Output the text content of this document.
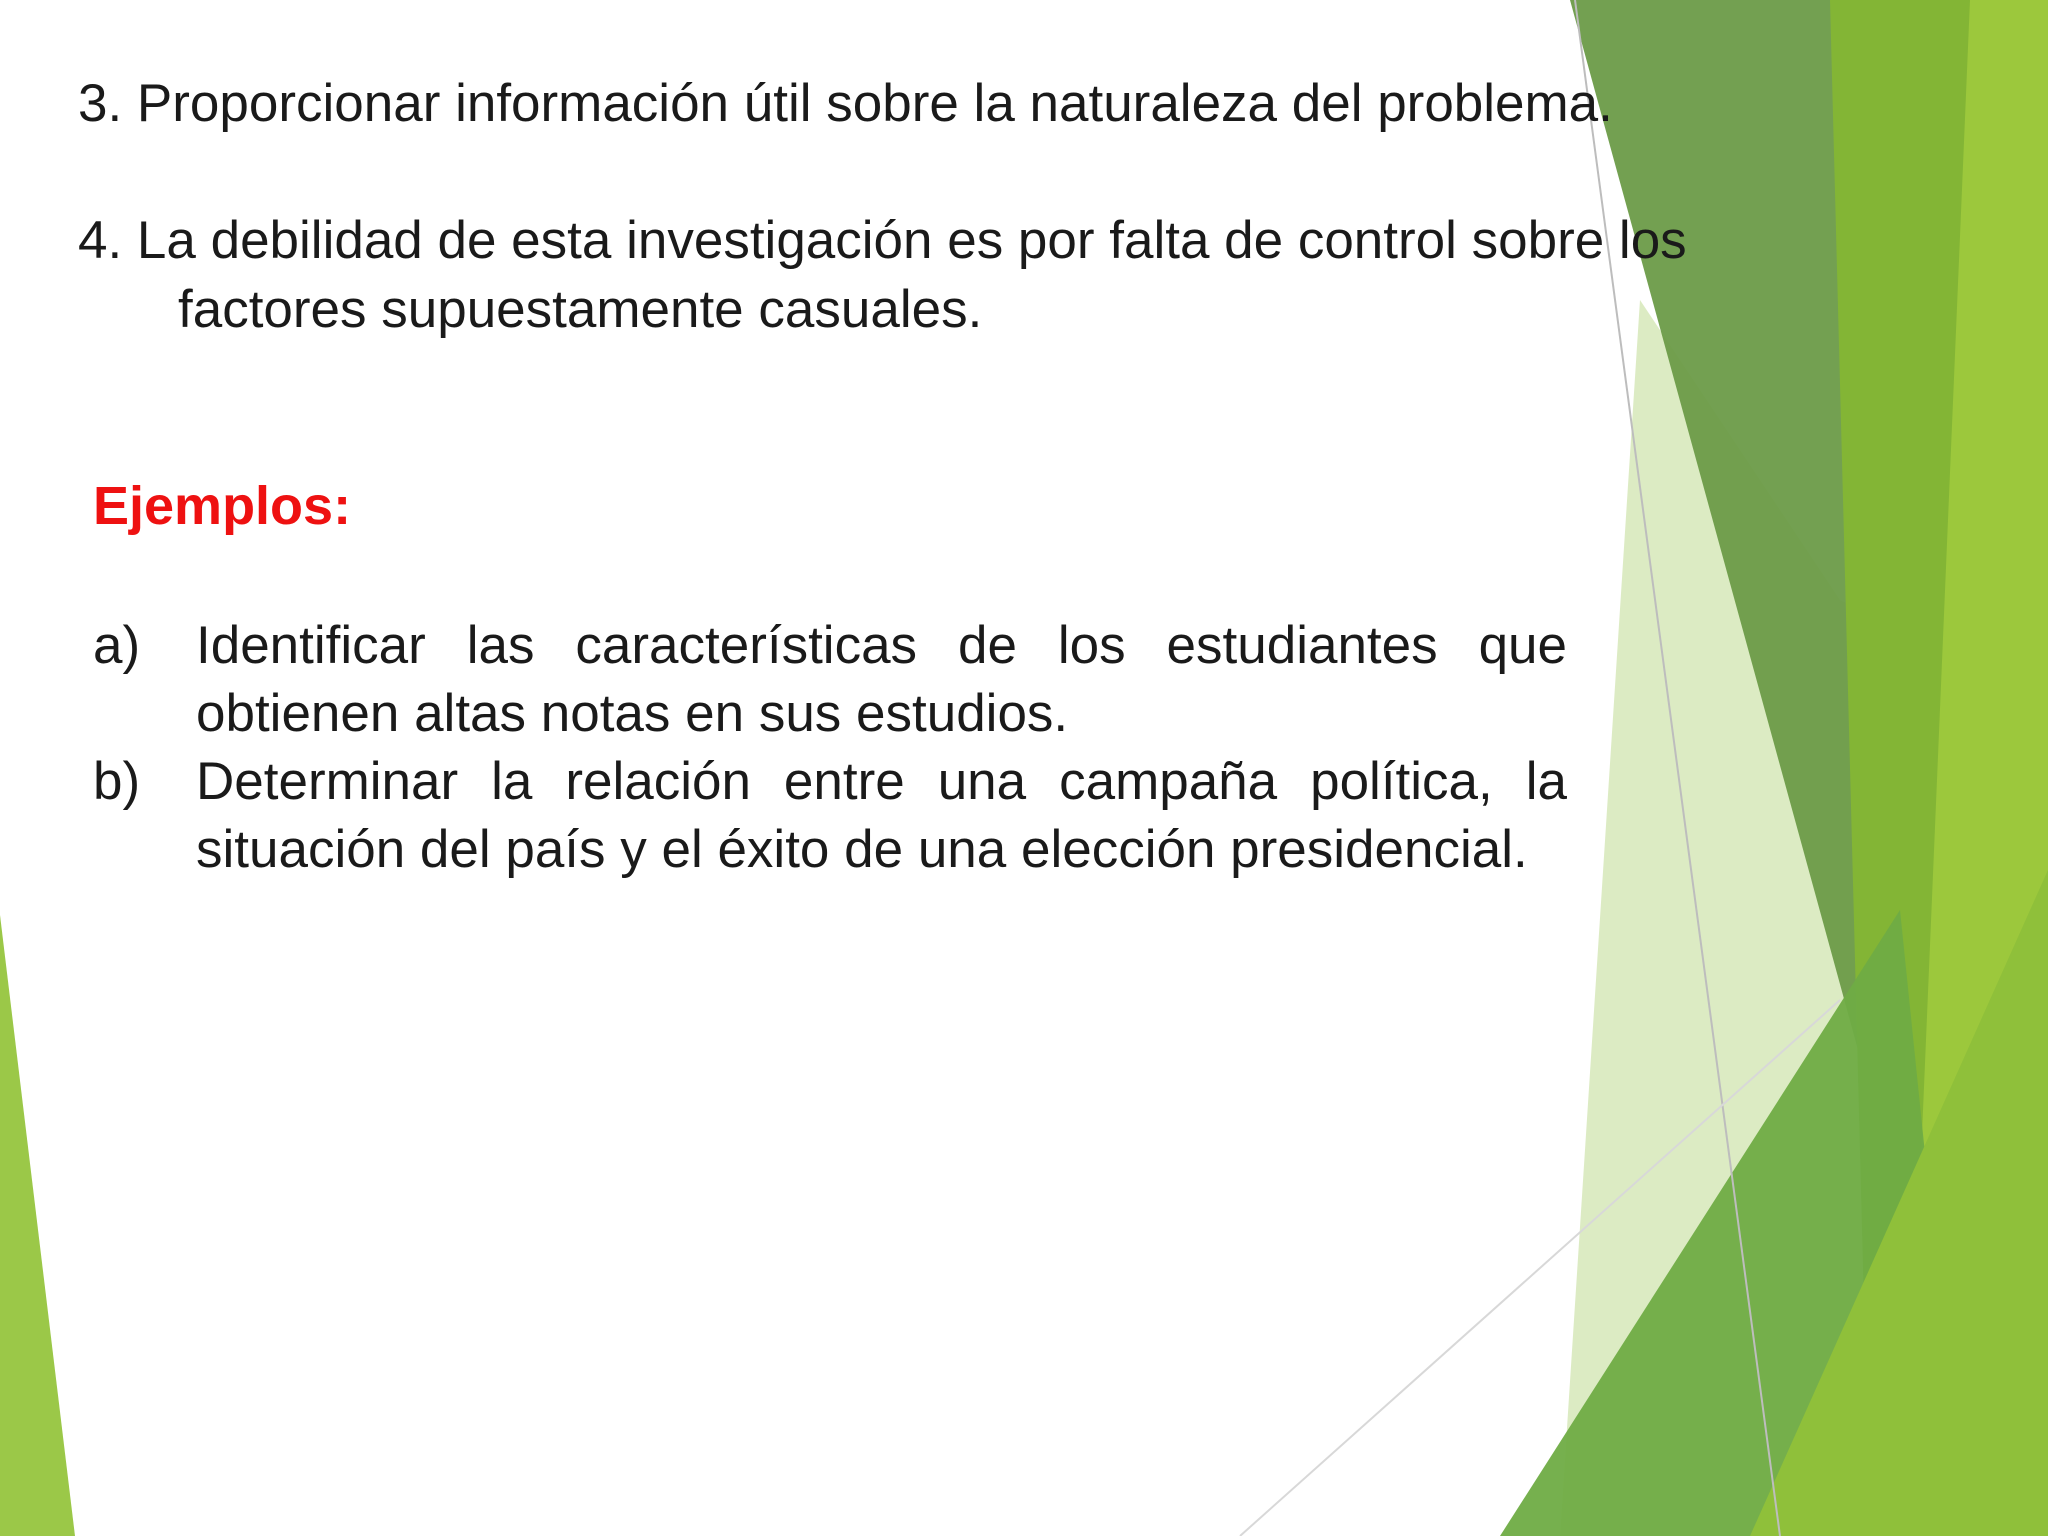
3. Proporcionar información útil sobre la naturaleza del problema.
4. La debilidad de esta investigación es por falta de control sobre los
factores supuestamente casuales.
Ejemplos:
a) Identificar las características de los estudiantes que obtienen altas notas en sus estudios.
b) Determinar la relación entre una campaña política, la situación del país y el éxito de una elección presidencial.
